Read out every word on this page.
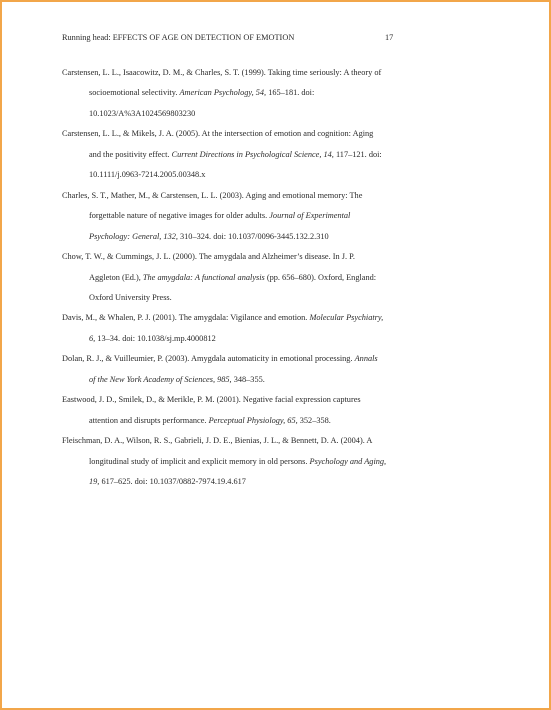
Running head: EFFECTS OF AGE ON DETECTION OF EMOTION	17
Carstensen, L. L., Isaacowitz, D. M., & Charles, S. T. (1999). Taking time seriously: A theory of
socioemotional selectivity. American Psychology, 54, 165–181. doi:
10.1023/A%3A1024569803230
Carstensen, L. L., & Mikels, J. A. (2005). At the intersection of emotion and cognition: Aging
and the positivity effect. Current Directions in Psychological Science, 14, 117–121. doi:
10.1111/j.0963-7214.2005.00348.x
Charles, S. T., Mather, M., & Carstensen, L. L. (2003). Aging and emotional memory: The
forgettable nature of negative images for older adults. Journal of Experimental
Psychology: General, 132, 310–324. doi: 10.1037/0096-3445.132.2.310
Chow, T. W., & Cummings, J. L. (2000). The amygdala and Alzheimer’s disease. In J. P.
Aggleton (Ed.), The amygdala: A functional analysis (pp. 656–680). Oxford, England:
Oxford University Press.
Davis, M., & Whalen, P. J. (2001). The amygdala: Vigilance and emotion. Molecular Psychiatry,
6, 13–34. doi: 10.1038/sj.mp.4000812
Dolan, R. J., & Vuilleumier, P. (2003). Amygdala automaticity in emotional processing. Annals
of the New York Academy of Sciences, 985, 348–355.
Eastwood, J. D., Smilek, D., & Merikle, P. M. (2001). Negative facial expression captures
attention and disrupts performance. Perceptual Physiology, 65, 352–358.
Fleischman, D. A., Wilson, R. S., Gabrieli, J. D. E., Bienias, J. L., & Bennett, D. A. (2004). A
longitudinal study of implicit and explicit memory in old persons. Psychology and Aging,
19, 617–625. doi: 10.1037/0882-7974.19.4.617
